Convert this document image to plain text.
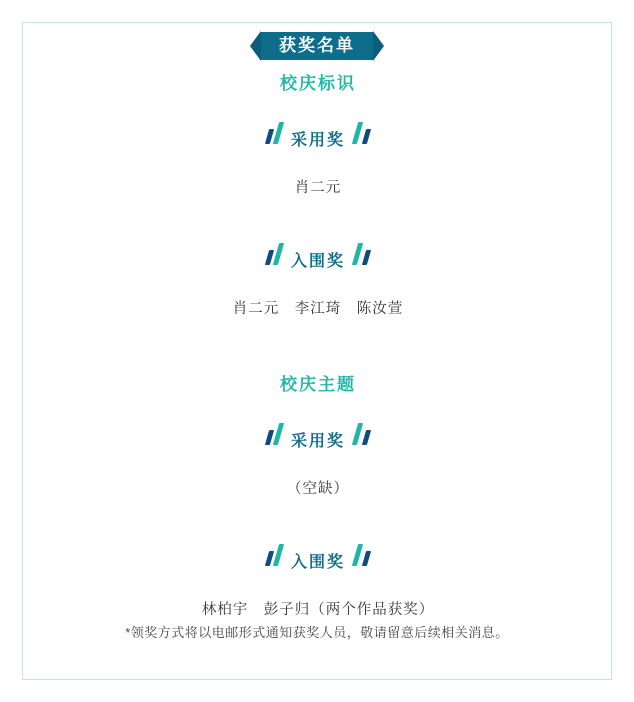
获奖名单
校庆标识
采用奖
肖二元
入围奖
肖二元　李江琦　陈汝萱
校庆主题
采用奖
（空缺）
入围奖
林柏宇　彭子归（两个作品获奖）
*领奖方式将以电邮形式通知获奖人员，敬请留意后续相关消息。
